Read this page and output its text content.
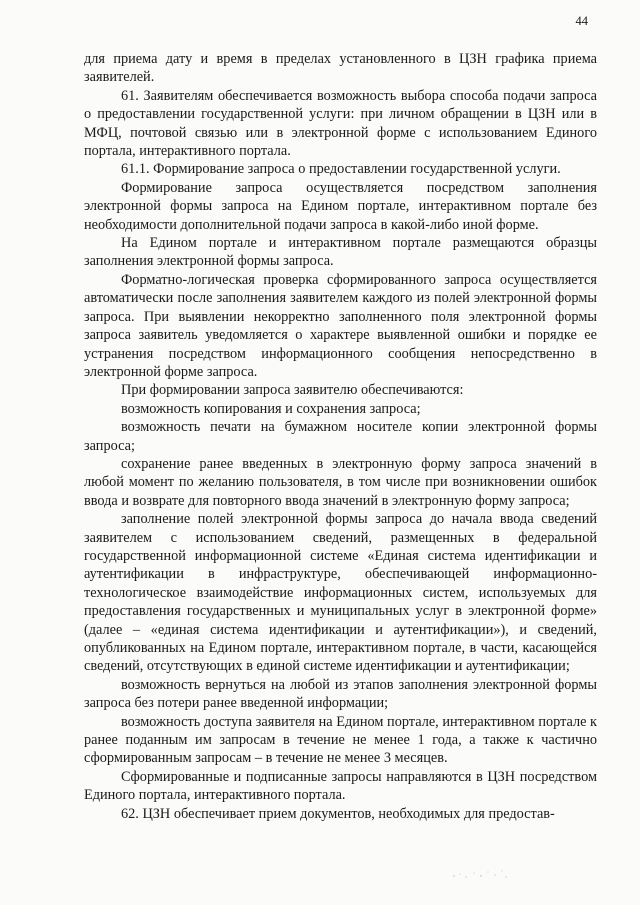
44

для приема дату и время в пределах установленного в ЦЗН графика приема заявителей.

61. Заявителям обеспечивается возможность выбора способа подачи запроса о предоставлении государственной услуги: при личном обращении в ЦЗН или в МФЦ, почтовой связью или в электронной форме с использованием Единого портала, интерактивного портала.

61.1. Формирование запроса о предоставлении государственной услуги.

Формирование запроса осуществляется посредством заполнения электронной формы запроса на Едином портале, интерактивном портале без необходимости дополнительной подачи запроса в какой-либо иной форме.

На Едином портале и интерактивном портале размещаются образцы заполнения электронной формы запроса.

Форматно-логическая проверка сформированного запроса осуществляется автоматически после заполнения заявителем каждого из полей электронной формы запроса. При выявлении некорректно заполненного поля электронной формы запроса заявитель уведомляется о характере выявленной ошибки и порядке ее устранения посредством информационного сообщения непосредственно в электронной форме запроса.

При формировании запроса заявителю обеспечиваются:

возможность копирования и сохранения запроса;

возможность печати на бумажном носителе копии электронной формы запроса;

сохранение ранее введенных в электронную форму запроса значений в любой момент по желанию пользователя, в том числе при возникновении ошибок ввода и возврате для повторного ввода значений в электронную форму запроса;

заполнение полей электронной формы запроса до начала ввода сведений заявителем с использованием сведений, размещенных в федеральной государственной информационной системе «Единая система идентификации и аутентификации в инфраструктуре, обеспечивающей информационно-технологическое взаимодействие информационных систем, используемых для предоставления государственных и муниципальных услуг в электронной форме» (далее – «единая система идентификации и аутентификации»), и сведений, опубликованных на Едином портале, интерактивном портале, в части, касающейся сведений, отсутствующих в единой системе идентификации и аутентификации;

возможность вернуться на любой из этапов заполнения электронной формы запроса без потери ранее введенной информации;

возможность доступа заявителя на Едином портале, интерактивном портале к ранее поданным им запросам в течение не менее 1 года, а также к частично сформированным запросам – в течение не менее 3 месяцев.

Сформированные и подписанные запросы направляются в ЦЗН посредством Единого портала, интерактивного портала.

62. ЦЗН обеспечивает прием документов, необходимых для предостав-
